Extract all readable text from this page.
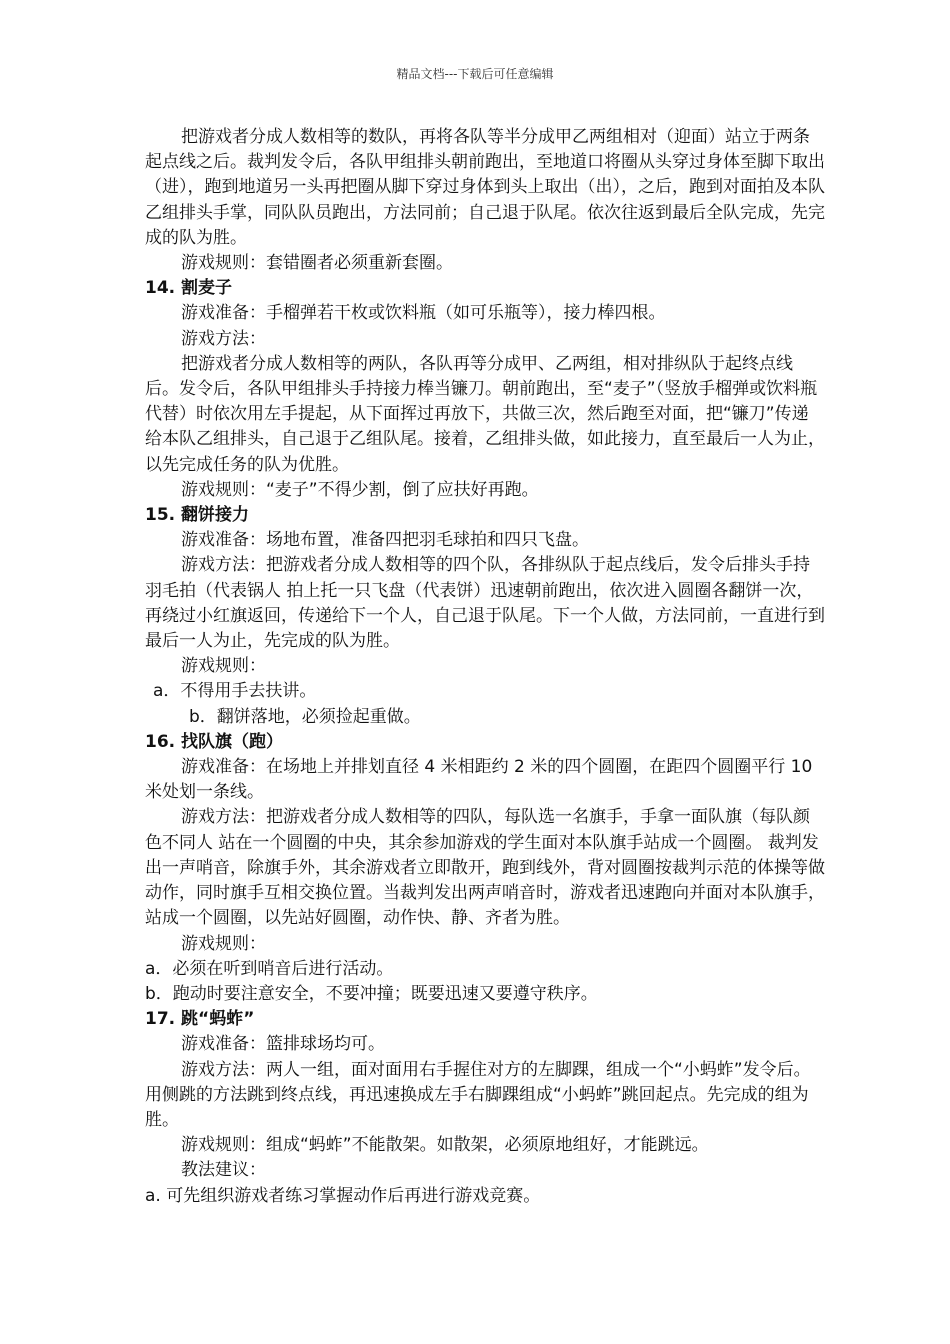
精品文档---下载后可任意编辑

把游戏者分成人数相等的数队，再将各队等半分成甲乙两组相对（迎面）站立于两条起点线之后。裁判发令后，各队甲组排头朝前跑出，至地道口将圈从头穿过身体至脚下取出（进），跑到地道另一头再把圈从脚下穿过身体到头上取出（出），之后，跑到对面拍及本队乙组排头手掌，同队队员跑出，方法同前；自己退于队尾。依次往返到最后全队完成，先完成的队为胜。

游戏规则：套错圈者必须重新套圈。

14. 割麦子

游戏准备：手榴弹若干枚或饮料瓶（如可乐瓶等），接力棒四根。

游戏方法：

把游戏者分成人数相等的两队，各队再等分成甲、乙两组，相对排纵队于起终点线后。发令后，各队甲组排头手持接力棒当镰刀。朝前跑出，至“麦子”（竖放手榴弹或饮料瓶代替）时依次用左手提起，从下面挥过再放下，共做三次，然后跑至对面，把“镰刀”传递给本队乙组排头，自己退于乙组队尾。接着，乙组排头做，如此接力，直至最后一人为止，以先完成任务的队为优胜。

游戏规则：“麦子”不得少割，倒了应扶好再跑。

15. 翻饼接力

游戏准备：场地布置，准备四把羽毛球拍和四只飞盘。

游戏方法：把游戏者分成人数相等的四个队，各排纵队于起点线后，发令后排头手持羽毛拍（代表锅人 拍上托一只飞盘（代表饼）迅速朝前跑出，依次进入圆圈各翻饼一次，再绕过小红旗返回，传递给下一个人，自己退于队尾。下一个人做，方法同前，一直进行到最后一人为止，先完成的队为胜。

游戏规则：

a．不得用手去扶讲。

b．翻饼落地，必须捡起重做。

16. 找队旗（跑）

游戏准备：在场地上并排划直径 4 米相距约 2 米的四个圆圈，在距四个圆圈平行 10 米处划一条线。

游戏方法：把游戏者分成人数相等的四队，每队选一名旗手，手拿一面队旗（每队颜色不同人 站在一个圆圈的中央，其余参加游戏的学生面对本队旗手站成一个圆圈。 裁判发出一声哨音，除旗手外，其余游戏者立即散开，跑到线外，背对圆圈按裁判示范的体操等做动作，同时旗手互相交换位置。当裁判发出两声哨音时，游戏者迅速跑向并面对本队旗手，站成一个圆圈，以先站好圆圈，动作快、静、齐者为胜。

游戏规则：

a．必须在听到哨音后进行活动。

b．跑动时要注意安全，不要冲撞；既要迅速又要遵守秩序。

17. 跳“蚂蚱”

游戏准备：篮排球场均可。

游戏方法：两人一组，面对面用右手握住对方的左脚踝，组成一个“小蚂蚱”发令后。用侧跳的方法跳到终点线，再迅速换成左手右脚踝组成“小蚂蚱”跳回起点。先完成的组为胜。

游戏规则：组成“蚂蚱”不能散架。如散架，必须原地组好，才能跳远。

教法建议：

a. 可先组织游戏者练习掌握动作后再进行游戏竞赛。
